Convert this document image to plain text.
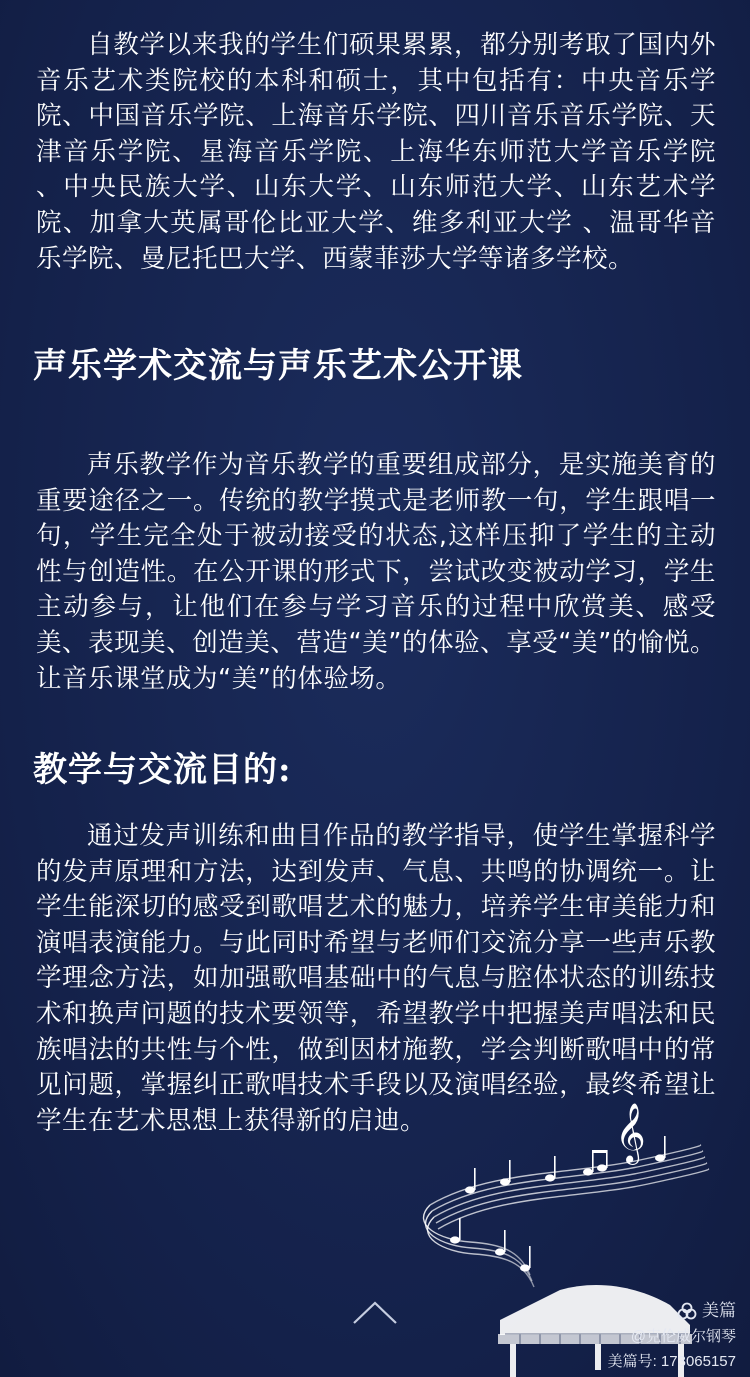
自教学以来我的学生们硕果累累，都分别考取了国内外音乐艺术类院校的本科和硕士，其中包括有：中央音乐学院、中国音乐学院、上海音乐学院、四川音乐音乐学院、天津音乐学院、星海音乐学院、上海华东师范大学音乐学院 、中央民族大学、山东大学、山东师范大学、山东艺术学院、加拿大英属哥伦比亚大学、维多利亚大学 、温哥华音乐学院、曼尼托巴大学、西蒙菲莎大学等诸多学校。

声乐学术交流与声乐艺术公开课

声乐教学作为音乐教学的重要组成部分，是实施美育的重要途径之一。传统的教学摸式是老师教一句，学生跟唱一句，学生完全处于被动接受的状态,这样压抑了学生的主动性与创造性。在公开课的形式下，尝试改变被动学习，学生主动参与，让他们在参与学习音乐的过程中欣赏美、感受美、表现美、创造美、营造“美”的体验、享受“美”的愉悦。让音乐课堂成为“美”的体验场。

教学与交流目的:

通过发声训练和曲目作品的教学指导，使学生掌握科学的发声原理和方法，达到发声、气息、共鸣的协调统一。让学生能深切的感受到歌唱艺术的魅力，培养学生审美能力和演唱表演能力。与此同时希望与老师们交流分享一些声乐教学理念方法，如加强歌唱基础中的气息与腔体状态的训练技术和换声问题的技术要领等，希望教学中把握美声唱法和民族唱法的共性与个性，做到因材施教，学会判断歌唱中的常见问题，掌握纠正歌唱技术手段以及演唱经验，最终希望让学生在艺术思想上获得新的启迪。	𝄞
美篇
@克伦威尔钢琴
美篇号: 173065157
